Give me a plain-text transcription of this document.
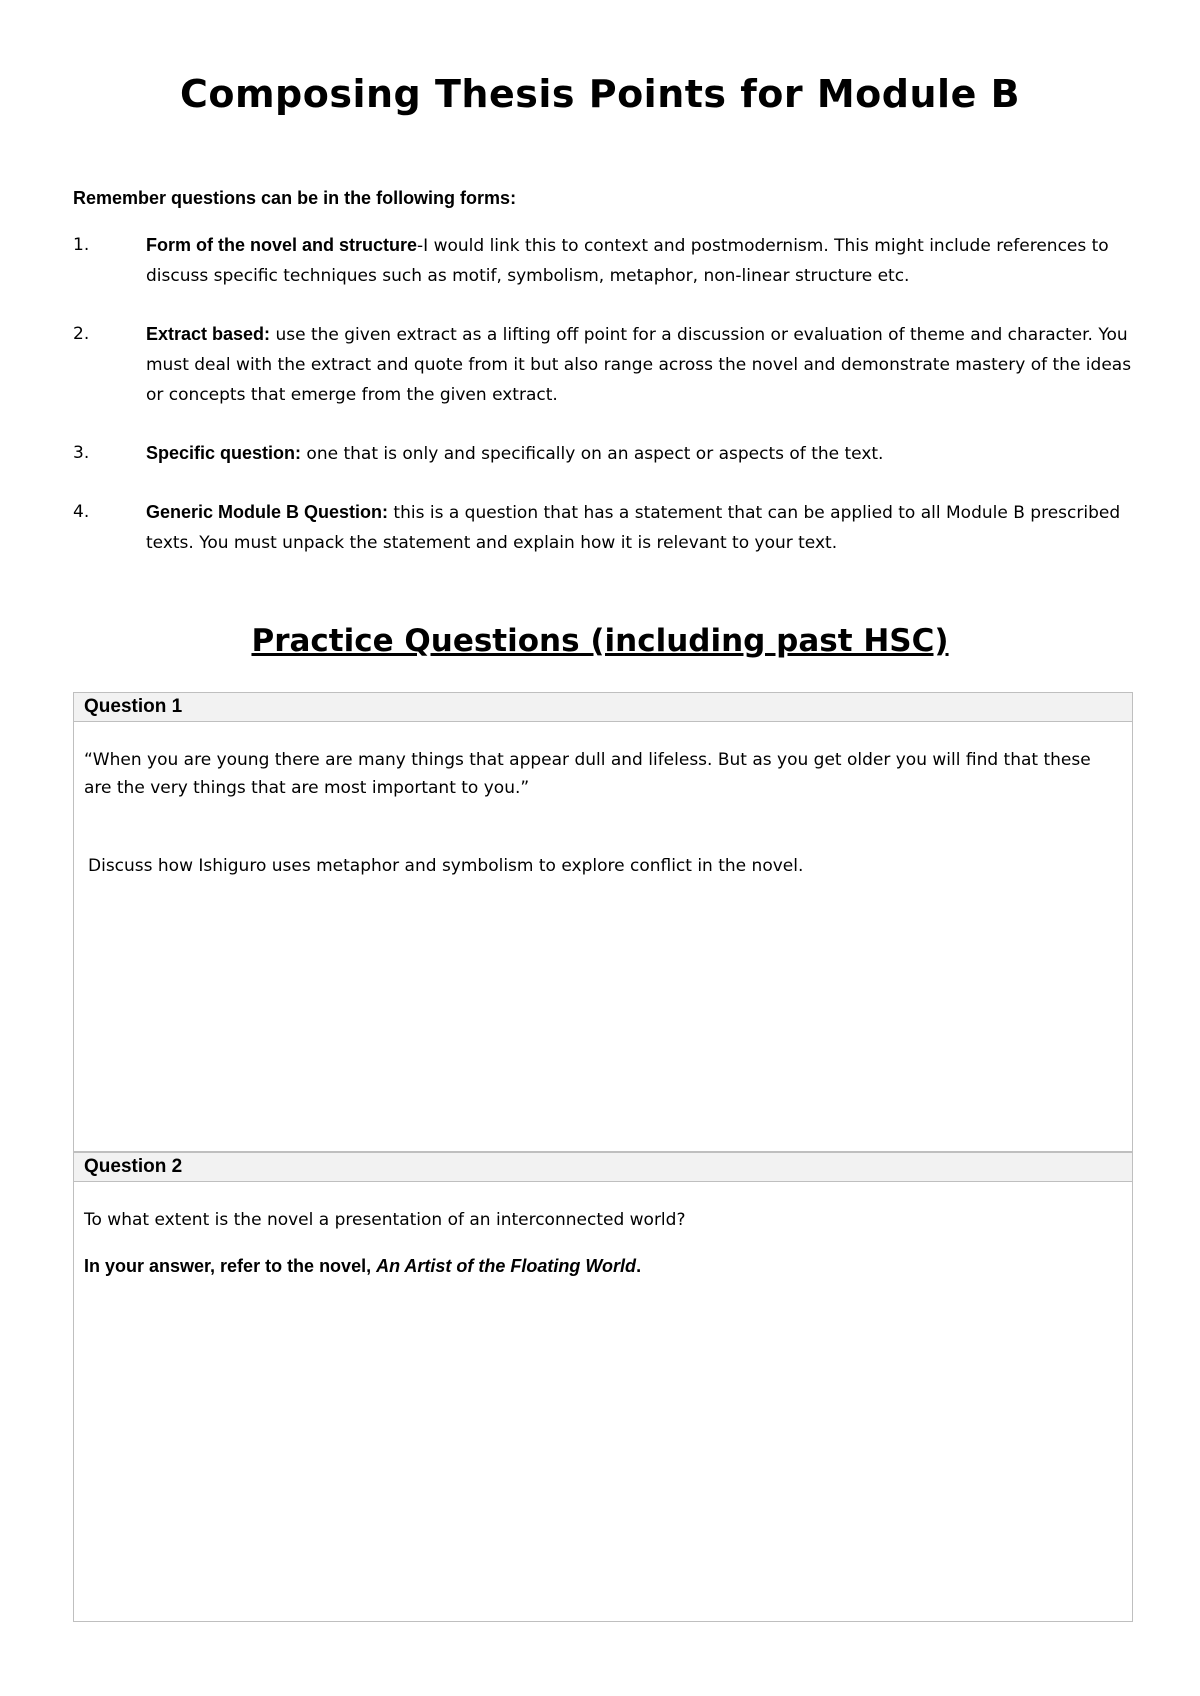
Composing Thesis Points for Module B

Remember questions can be in the following forms:

1.	Form of the novel and structure-I would link this to context and postmodernism. This might include references to discuss specific techniques such as motif, symbolism, metaphor, non-linear structure etc.
2.	Extract based: use the given extract as a lifting off point for a discussion or evaluation of theme and character. You must deal with the extract and quote from it but also range across the novel and demonstrate mastery of the ideas or concepts that emerge from the given extract.
3.	Specific question: one that is only and specifically on an aspect or aspects of the text.
4.	Generic Module B Question: this is a question that has a statement that can be applied to all Module B prescribed texts. You must unpack the statement and explain how it is relevant to your text.
Practice Questions (including past HSC)
Question 1

“When you are young there are many things that appear dull and lifeless. But as you get older you will find that these are the very things that are most important to you.”

Discuss how Ishiguro uses metaphor and symbolism to explore conflict in the novel.

Question 2

To what extent is the novel a presentation of an interconnected world?

In your answer, refer to the novel, An Artist of the Floating World.
